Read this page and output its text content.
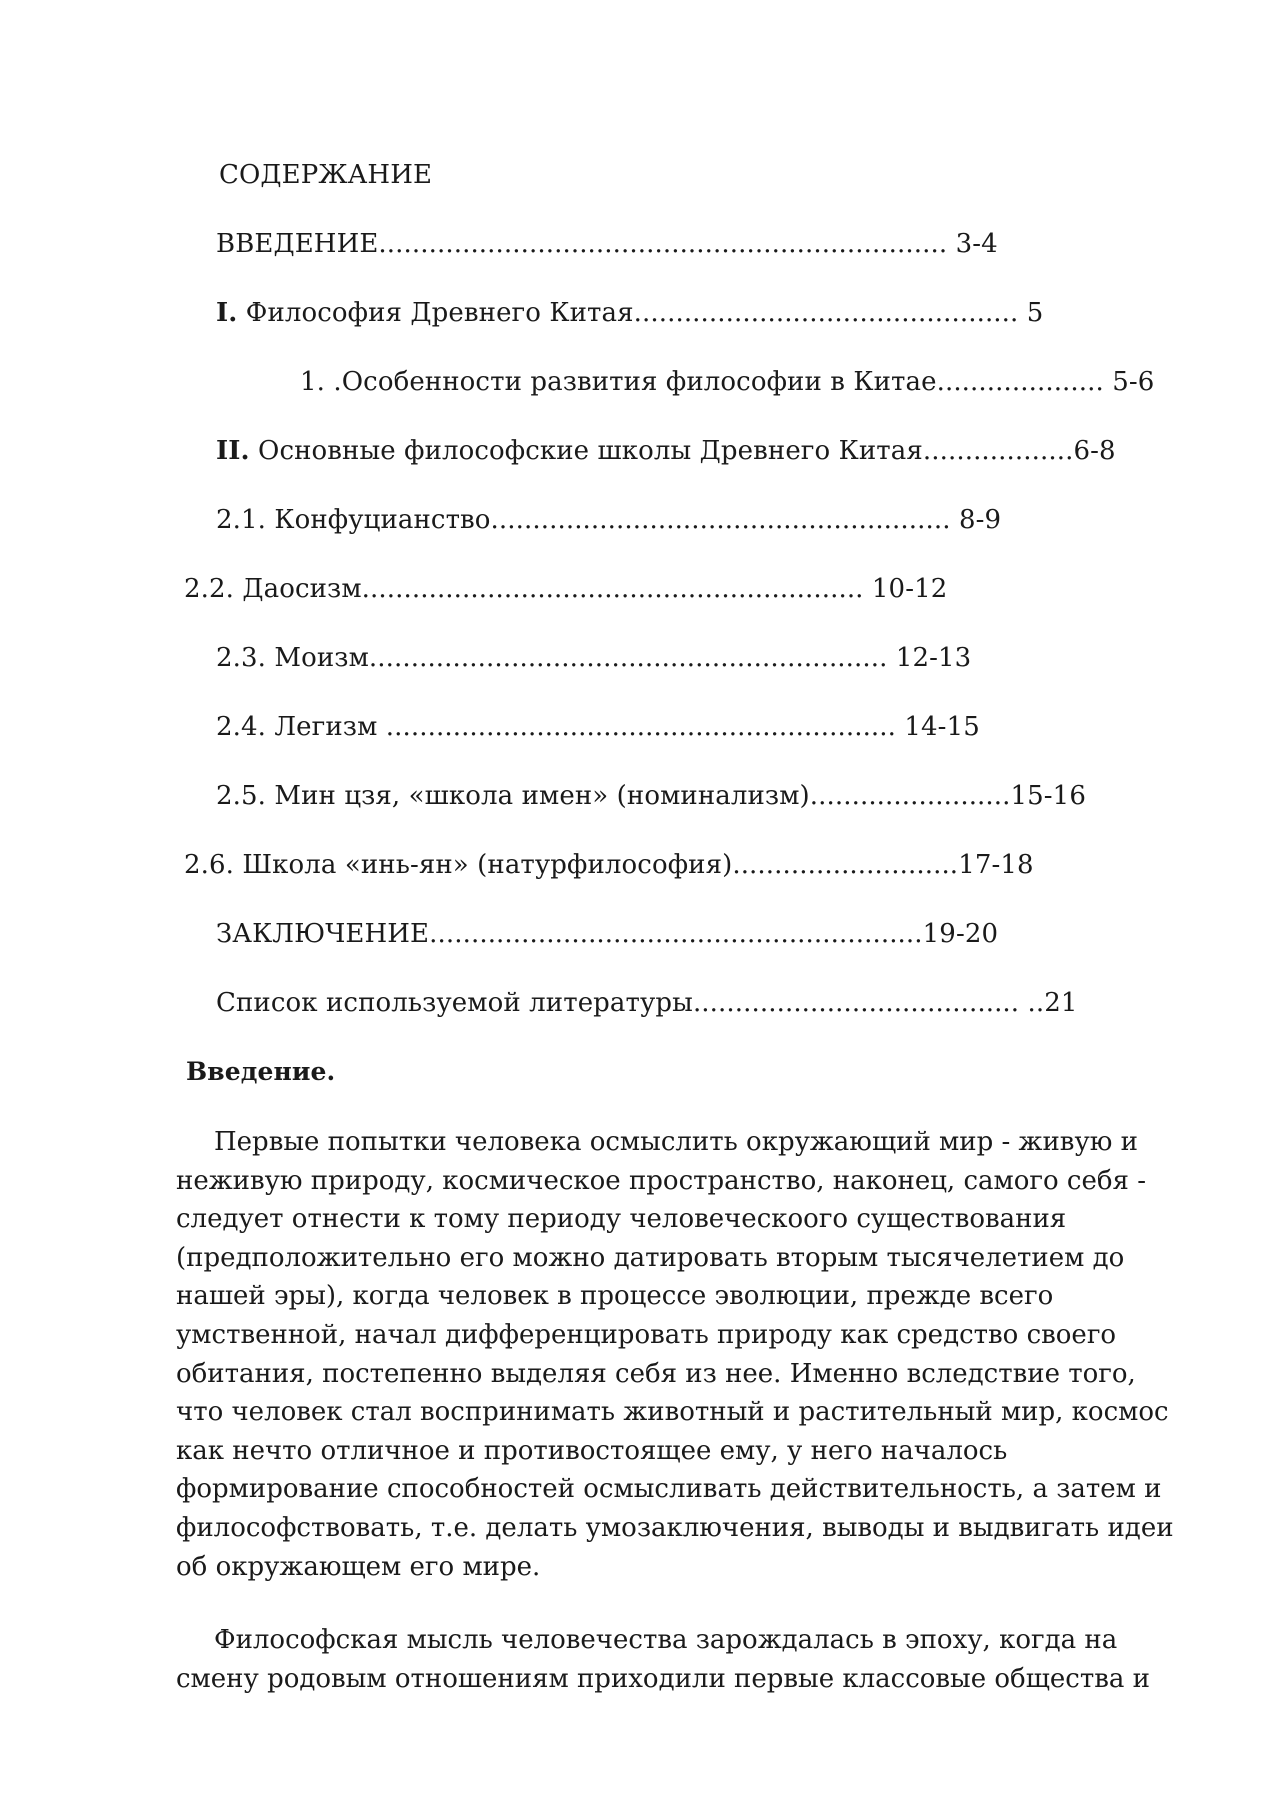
СОДЕРЖАНИЕ
ВВЕДЕНИЕ.................................................................... 3-4
I. Философия Древнего Китая.............................................. 5
1. .Особенности развития философии в Китае.................... 5-6
II. Основные философские школы Древнего Китая..................6-8
2.1. Конфуцианство....................................................... 8-9
2.2. Даосизм............................................................ 10-12
2.3. Моизм.............................................................. 12-13
2.4. Легизм ............................................................. 14-15
2.5. Мин цзя, «школа имен» (номинализм)........................15-16
2.6. Школа «инь-ян» (натурфилософия)...........................17-18
ЗАКЛЮЧЕНИЕ...........................................................19-20
Список используемой литературы....................................... ..21
Введение.

Первые попытки человека осмыслить окружающий мир - живую и неживую природу, космическое пространство, наконец, самого себя - следует отнести к тому периоду человеческоого существования (предположительно его можно датировать вторым тысячелетием до нашей эры), когда человек в процессе эволюции, прежде всего умственной, начал дифференцировать природу как средство своего обитания, постепенно выделяя себя из нее. Именно вследствие того, что человек стал воспринимать животный и растительный мир, космос как нечто отличное и противостоящее ему, у него началось формирование способностей осмысливать действительность, а затем и философствовать, т.е. делать умозаключения, выводы и выдвигать идеи об окружающем его мире.

Философская мысль человечества зарождалась в эпоху, когда на смену родовым отношениям приходили первые классовые общества и
